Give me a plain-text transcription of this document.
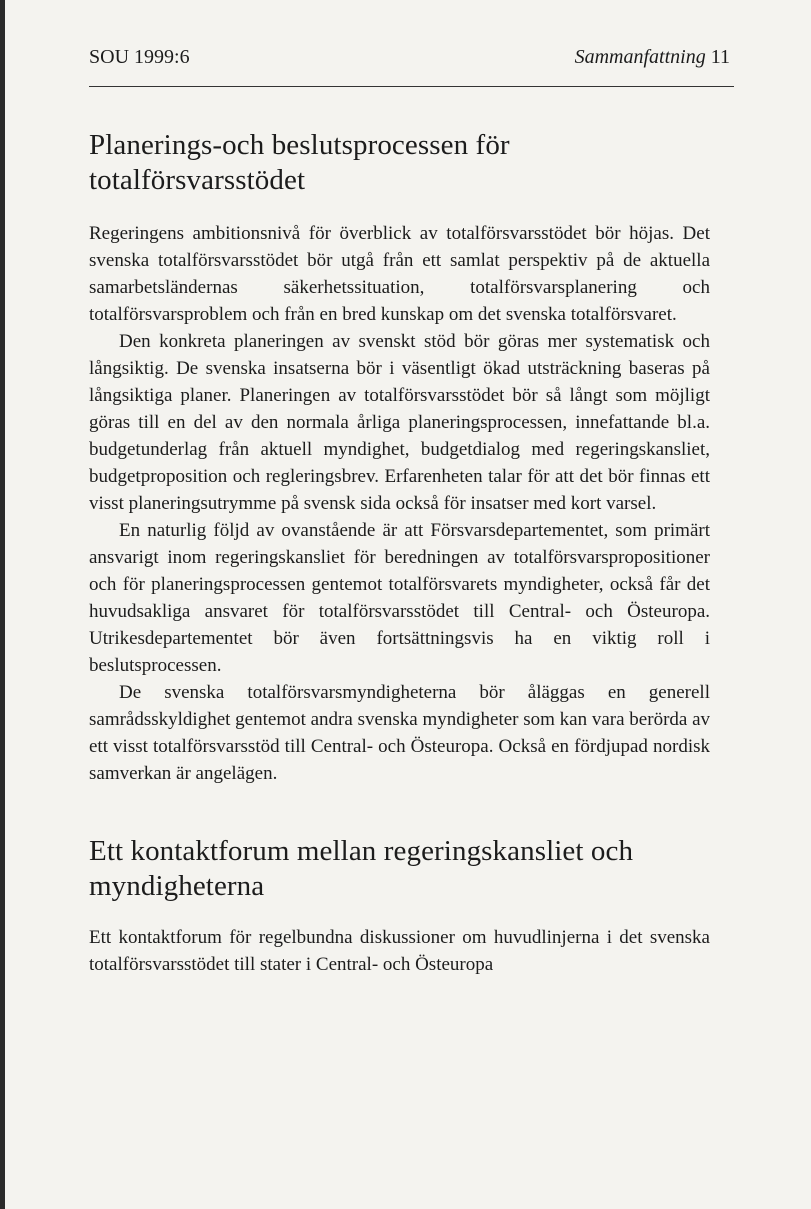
SOU 1999:6	Sammanfattning 11
Planerings-och beslutsprocessen för totalförsvarsstödet

Regeringens ambitionsnivå för överblick av totalförsvarsstödet bör höjas. Det svenska totalförsvarsstödet bör utgå från ett samlat perspektiv på de aktuella samarbetsländernas säkerhetssituation, totalförsvarsplanering och totalförsvarsproblem och från en bred kunskap om det svenska totalförsvaret.

Den konkreta planeringen av svenskt stöd bör göras mer systematisk och långsiktig. De svenska insatserna bör i väsentligt ökad utsträckning baseras på långsiktiga planer. Planeringen av totalförsvarsstödet bör så långt som möjligt göras till en del av den normala årliga planeringsprocessen, innefattande bl.a. budgetunderlag från aktuell myndighet, budgetdialog med regeringskansliet, budgetproposition och regleringsbrev. Erfarenheten talar för att det bör finnas ett visst planeringsutrymme på svensk sida också för insatser med kort varsel.

En naturlig följd av ovanstående är att Försvarsdepartementet, som primärt ansvarigt inom regeringskansliet för beredningen av totalförsvarspropositioner och för planeringsprocessen gentemot totalförsvarets myndigheter, också får det huvudsakliga ansvaret för totalförsvarsstödet till Central- och Östeuropa. Utrikesdepartementet bör även fortsättningsvis ha en viktig roll i beslutsprocessen.

De svenska totalförsvarsmyndigheterna bör åläggas en generell samrådsskyldighet gentemot andra svenska myndigheter som kan vara berörda av ett visst totalförsvarsstöd till Central- och Östeuropa. Också en fördjupad nordisk samverkan är angelägen.

Ett kontaktforum mellan regeringskansliet och myndigheterna

Ett kontaktforum för regelbundna diskussioner om huvudlinjerna i det svenska totalförsvarsstödet till stater i Central- och Östeuropa
